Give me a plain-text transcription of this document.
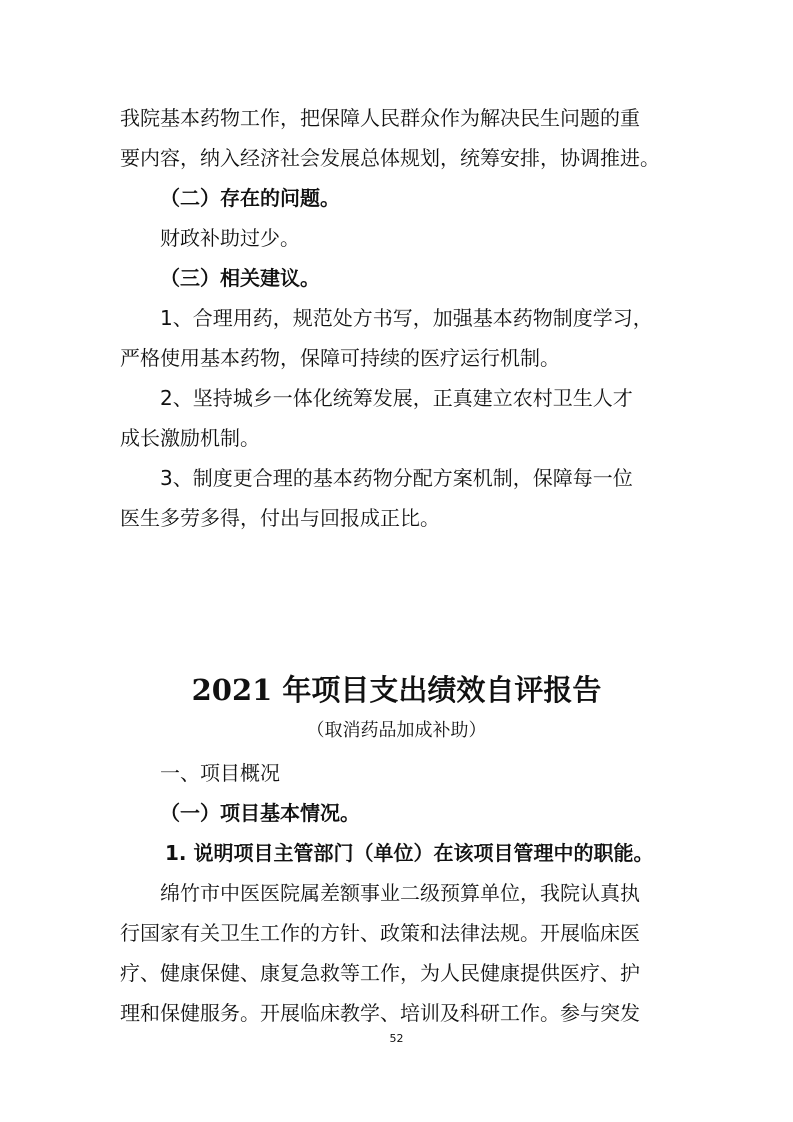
我院基本药物工作，把保障人民群众作为解决民生问题的重
要内容，纳入经济社会发展总体规划，统筹安排，协调推进。
（二）存在的问题。
财政补助过少。
（三）相关建议。
1、合理用药，规范处方书写，加强基本药物制度学习，
严格使用基本药物，保障可持续的医疗运行机制。
2、坚持城乡一体化统筹发展，正真建立农村卫生人才
成长激励机制。
3、制度更合理的基本药物分配方案机制，保障每一位
医生多劳多得，付出与回报成正比。
2021 年项目支出绩效自评报告
（取消药品加成补助）
一、项目概况
（一）项目基本情况。
1. 说明项目主管部门（单位）在该项目管理中的职能。
绵竹市中医医院属差额事业二级预算单位，我院认真执
行国家有关卫生工作的方针、政策和法律法规。开展临床医
疗、健康保健、康复急救等工作，为人民健康提供医疗、护
理和保健服务。开展临床教学、培训及科研工作。参与突发
52
